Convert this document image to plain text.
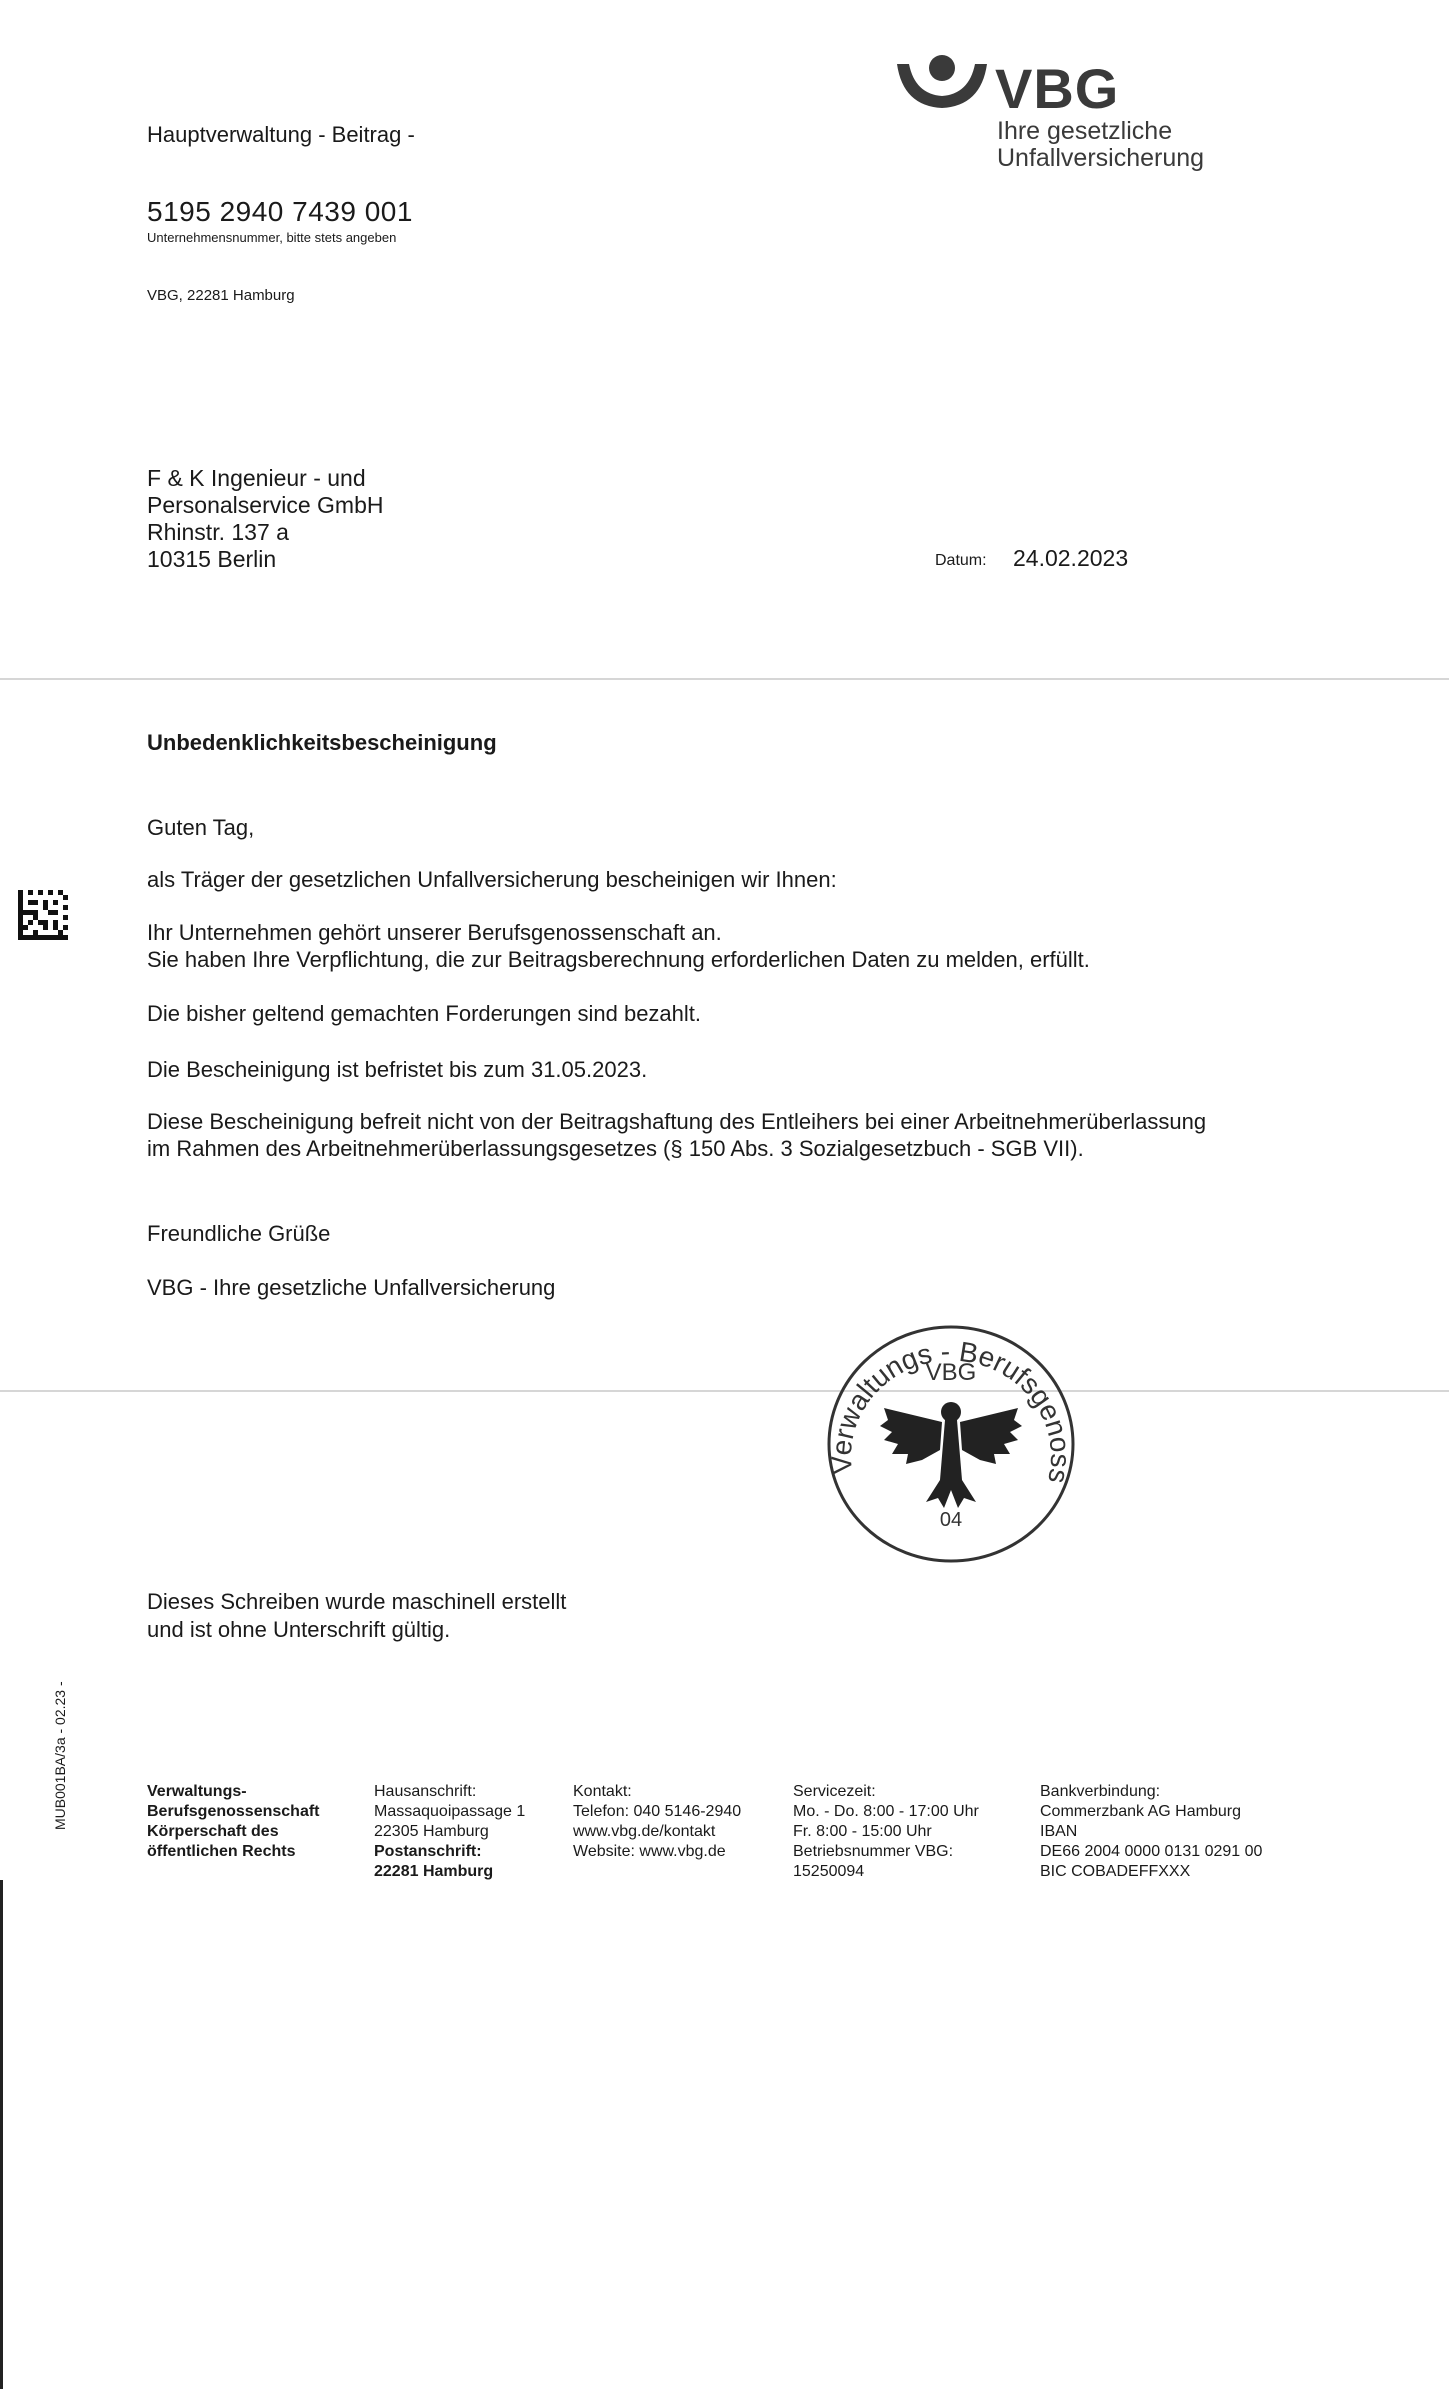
VBG
Ihre gesetzliche
Unfallversicherung
Hauptverwaltung - Beitrag -
5195 2940 7439 001
Unternehmensnummer, bitte stets angeben
VBG, 22281 Hamburg
F & K Ingenieur - und
Personalservice GmbH
Rhinstr. 137 a
10315 Berlin	Datum: 24.02.2023
Unbedenklichkeitsbescheinigung
Guten Tag,
als Träger der gesetzlichen Unfallversicherung bescheinigen wir Ihnen:
Ihr Unternehmen gehört unserer Berufsgenossenschaft an.
Sie haben Ihre Verpflichtung, die zur Beitragsberechnung erforderlichen Daten zu melden, erfüllt.
Die bisher geltend gemachten Forderungen sind bezahlt.
Die Bescheinigung ist befristet bis zum 31.05.2023.
Diese Bescheinigung befreit nicht von der Beitragshaftung des Entleihers bei einer Arbeitnehmerüberlassung
im Rahmen des Arbeitnehmerüberlassungsgesetzes (§ 150 Abs. 3 Sozialgesetzbuch - SGB VII).
Freundliche Grüße
VBG - Ihre gesetzliche Unfallversicherung
Verwaltungs - Berufsgenoss
VBG
04
Dieses Schreiben wurde maschinell erstellt
und ist ohne Unterschrift gültig.
MUB001BA/3a - 02.23 -	Verwaltungs-
Berufsgenossenschaft
Körperschaft des
öffentlichen Rechts
Hausanschrift:
Massaquoipassage 1
22305 Hamburg
Postanschrift:
22281 Hamburg
Kontakt:
Telefon: 040 5146-2940
www.vbg.de/kontakt
Website: www.vbg.de
Servicezeit:
Mo. - Do. 8:00 - 17:00 Uhr
Fr. 8:00 - 15:00 Uhr
Betriebsnummer VBG:
15250094
Bankverbindung:
Commerzbank AG Hamburg
IBAN
DE66 2004 0000 0131 0291 00
BIC COBADEFFXXX
